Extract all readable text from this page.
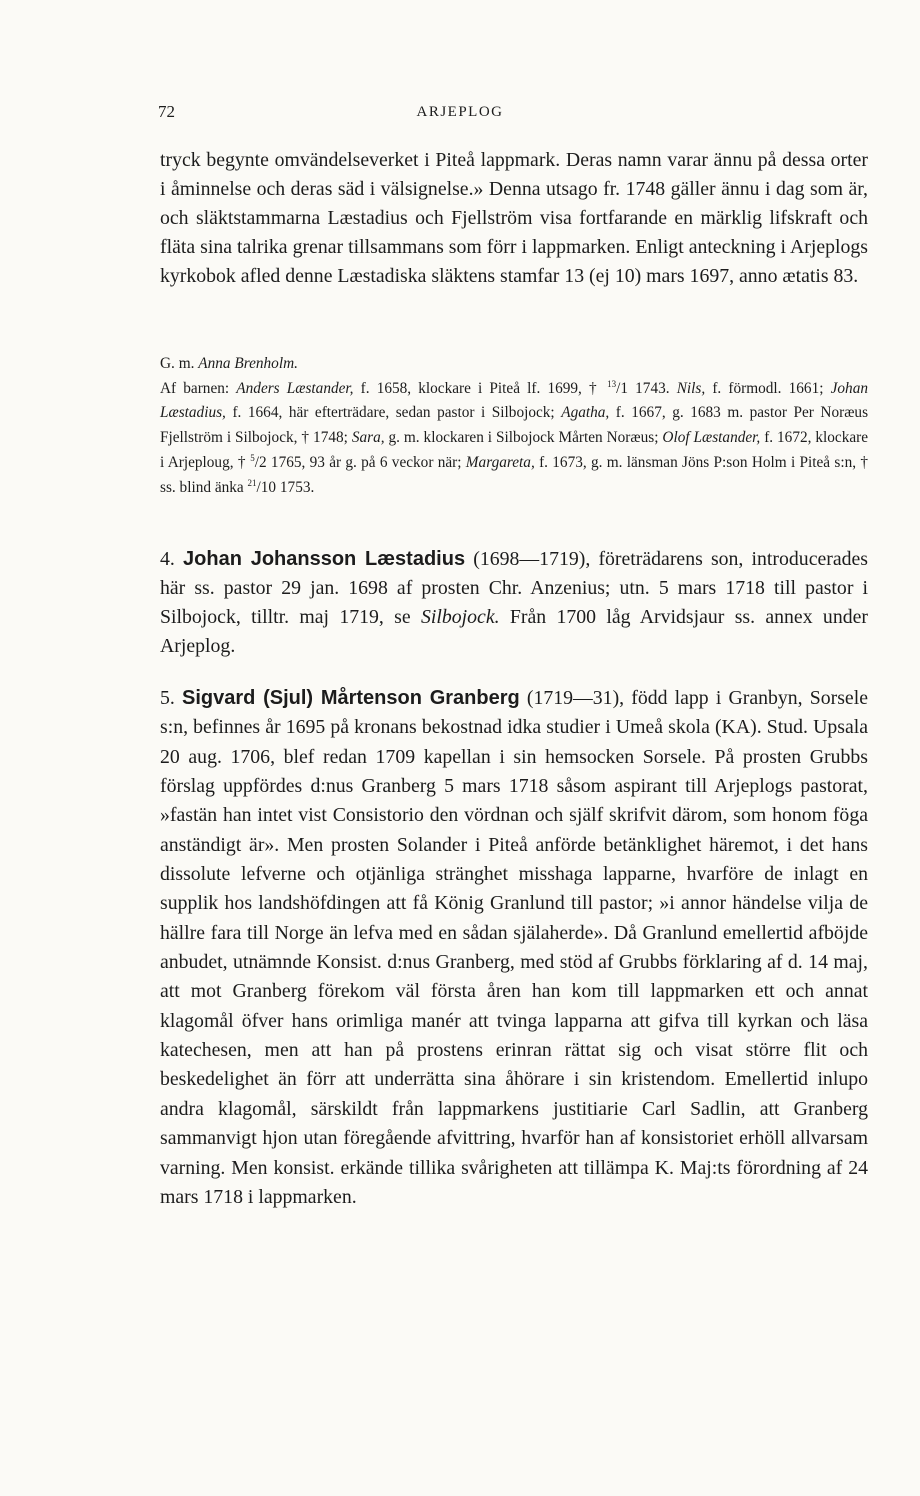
72	ARJEPLOG

tryck begynte omvändelseverket i Piteå lappmark. Deras namn varar ännu på dessa orter i åminnelse och deras säd i välsignelse.» Denna utsago fr. 1748 gäller ännu i dag som är, och släktstammarna Læstadius och Fjellström visa fortfarande en märklig lifskraft och fläta sina talrika grenar tillsammans som förr i lappmarken. Enligt anteckning i Arjeplogs kyrkobok afled denne Læstadiska släktens stamfar 13 (ej 10) mars 1697, anno ætatis 83.

G. m. Anna Brenholm.

Af barnen: Anders Læstander, f. 1658, klockare i Piteå lf. 1699, † $^{13}$/1 1743. Nils, f. förmodl. 1661; Johan Læstadius, f. 1664, här efterträdare, sedan pastor i Silbojock; Agatha, f. 1667, g. 1683 m. pastor Per Noræus Fjellström i Silbojock, † 1748; Sara, g. m. klockaren i Silbojock Mårten Noræus; Olof Læstander, f. 1672, klockare i Arjeploug, † $^5$/2 1765, 93 år g. på 6 veckor när; Margareta, f. 1673, g. m. länsman Jöns P:son Holm i Piteå s:n, † ss. blind änka $^{21}$/10 1753.

4. Johan Johansson Læstadius (1698—1719), företrädarens son, introducerades här ss. pastor 29 jan. 1698 af prosten Chr. Anzenius; utn. 5 mars 1718 till pastor i Silbojock, tilltr. maj 1719, se Silbojock. Från 1700 låg Arvidsjaur ss. annex under Arjeplog.

5. Sigvard (Sjul) Mårtenson Granberg (1719—31), född lapp i Granbyn, Sorsele s:n, befinnes år 1695 på kronans bekostnad idka studier i Umeå skola (KA). Stud. Upsala 20 aug. 1706, blef redan 1709 kapellan i sin hemsocken Sorsele. På prosten Grubbs förslag uppfördes d:nus Granberg 5 mars 1718 såsom aspirant till Arjeplogs pastorat, »fastän han intet vist Consistorio den vördnan och själf skrifvit därom, som honom föga anständigt är». Men prosten Solander i Piteå anförde betänklighet häremot, i det hans dissolute lefverne och otjänliga stränghet misshaga lapparne, hvarföre de inlagt en supplik hos landshöfdingen att få König Granlund till pastor; »i annor händelse vilja de hällre fara till Norge än lefva med en sådan själaherde». Då Granlund emellertid afböjde anbudet, utnämnde Konsist. d:nus Granberg, med stöd af Grubbs förklaring af d. 14 maj, att mot Granberg förekom väl första åren han kom till lappmarken ett och annat klagomål öfver hans orimliga manér att tvinga lapparna att gifva till kyrkan och läsa katechesen, men att han på prostens erinran rättat sig och visat större flit och beskedelighet än förr att underrätta sina åhörare i sin kristendom. Emellertid inlupo andra klagomål, särskildt från lappmarkens justitiarie Carl Sadlin, att Granberg sammanvigt hjon utan föregående afvittring, hvarför han af konsistoriet erhöll allvarsam varning. Men konsist. erkände tillika svårigheten att tillämpa K. Maj:ts förordning af 24 mars 1718 i lappmarken.
